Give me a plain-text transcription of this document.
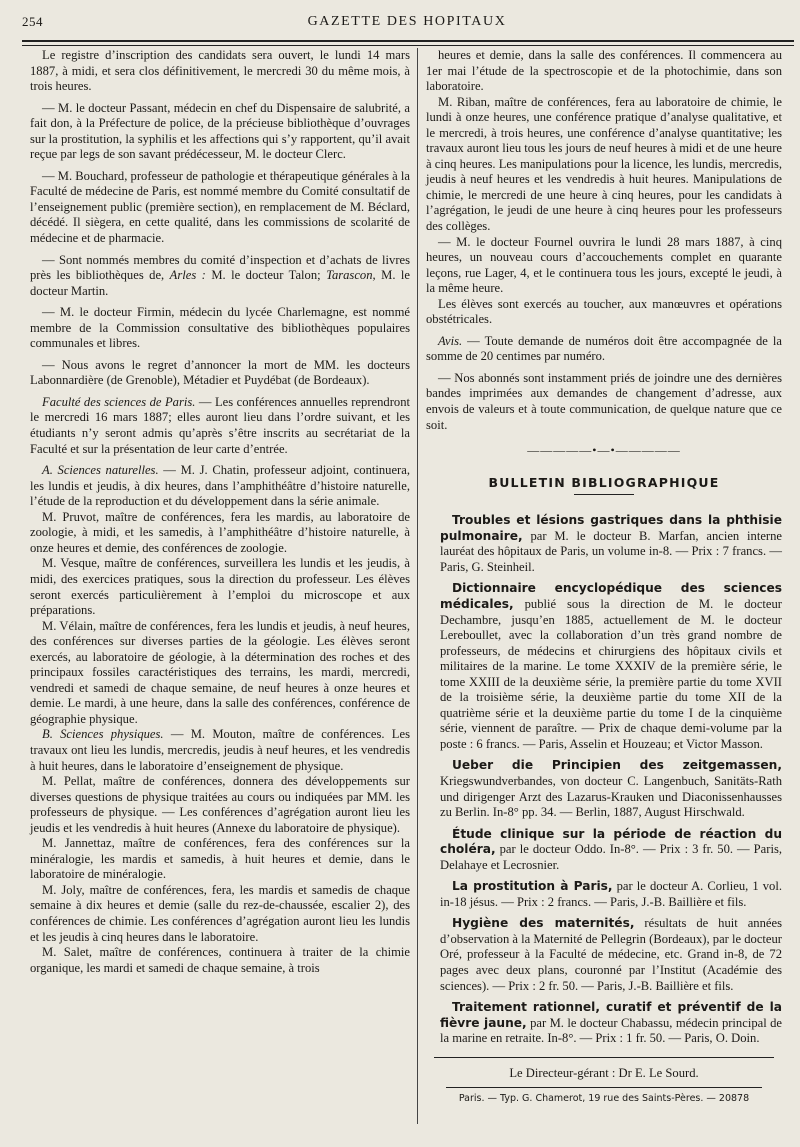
254	GAZETTE DES HOPITAUX

Le registre d’inscription des candidats sera ouvert, le lundi 14 mars 1887, à midi, et sera clos définitivement, le mercredi 30 du même mois, à trois heures.

— M. le docteur Passant, médecin en chef du Dispensaire de salubrité, a fait don, à la Préfecture de police, de la précieuse bibliothèque d’ouvrages sur la prostitution, la syphilis et les affections qui s’y rapportent, qu’il avait reçue par legs de son savant prédécesseur, M. le docteur Clerc.

— M. Bouchard, professeur de pathologie et thérapeutique générales à la Faculté de médecine de Paris, est nommé membre du Comité consultatif de l’enseignement public (première section), en remplacement de M. Béclard, décédé. Il siègera, en cette qualité, dans les commissions de scolarité de médecine et de pharmacie.

— Sont nommés membres du comité d’inspection et d’achats de livres près les bibliothèques de, Arles : M. le docteur Talon; Tarascon, M. le docteur Martin.

— M. le docteur Firmin, médecin du lycée Charlemagne, est nommé membre de la Commission consultative des bibliothèques populaires communales et libres.

— Nous avons le regret d’annoncer la mort de MM. les docteurs Labonnardière (de Grenoble), Métadier et Puydébat (de Bordeaux).

Faculté des sciences de Paris. — Les conférences annuelles reprendront le mercredi 16 mars 1887; elles auront lieu dans l’ordre suivant, et les étudiants n’y seront admis qu’après s’être inscrits au secrétariat de la Faculté et sur la présentation de leur carte d’entrée.

A. Sciences naturelles. — M. J. Chatin, professeur adjoint, continuera, les lundis et jeudis, à dix heures, dans l’amphithéâtre d’histoire naturelle, l’étude de la reproduction et du développement dans la série animale.

M. Pruvot, maître de conférences, fera les mardis, au laboratoire de zoologie, à midi, et les samedis, à l’amphithéâtre d’histoire naturelle, à onze heures et demie, des conférences de zoologie.

M. Vesque, maître de conférences, surveillera les lundis et les jeudis, à midi, des exercices pratiques, sous la direction du professeur. Les élèves seront exercés particulièrement à l’emploi du microscope et aux préparations.

M. Vélain, maître de conférences, fera les lundis et jeudis, à neuf heures, des conférences sur diverses parties de la géologie. Les élèves seront exercés, au laboratoire de géologie, à la détermination des roches et des principaux fossiles caractéristiques des terrains, les mardi, mercredi, vendredi et samedi de chaque semaine, de neuf heures à onze heures et demie. Le mardi, à une heure, dans la salle des conférences, conférence de géographie physique.

B. Sciences physiques. — M. Mouton, maître de conférences. Les travaux ont lieu les lundis, mercredis, jeudis à neuf heures, et les vendredis à huit heures, dans le laboratoire d’enseignement de physique.

M. Pellat, maître de conférences, donnera des développements sur diverses questions de physique traitées au cours ou indiquées par MM. les professeurs de physique. — Les conférences d’agrégation auront lieu les jeudis et les vendredis à huit heures (Annexe du laboratoire de physique).

M. Jannettaz, maître de conférences, fera des conférences sur la minéralogie, les mardis et samedis, à huit heures et demie, dans le laboratoire de minéralogie.

M. Joly, maître de conférences, fera, les mardis et samedis de chaque semaine à dix heures et demie (salle du rez-de-chaussée, escalier 2), des conférences de chimie. Les conférences d’agrégation auront lieu les lundis et les jeudis à cinq heures dans le laboratoire.

M. Salet, maître de conférences, continuera à traiter de la chimie organique, les mardi et samedi de chaque semaine, à trois

heures et demie, dans la salle des conférences. Il commencera au 1er mai l’étude de la spectroscopie et de la photochimie, dans son laboratoire.

M. Riban, maître de conférences, fera au laboratoire de chimie, le lundi à onze heures, une conférence pratique d’analyse qualitative, et le mercredi, à trois heures, une conférence d’analyse quantitative; les travaux auront lieu tous les jours de neuf heures à midi et de une heure à cinq heures. Les manipulations pour la licence, les lundis, mercredis, jeudis à neuf heures et les vendredis à huit heures. Manipulations de chimie, le mercredi de une heure à cinq heures, pour les candidats à l’agrégation, le jeudi de une heure à cinq heures pour les professeurs des collèges.

— M. le docteur Fournel ouvrira le lundi 28 mars 1887, à cinq heures, un nouveau cours d’accouchements complet en quarante leçons, rue Lager, 4, et le continuera tous les jours, excepté le jeudi, à la même heure.

Les élèves sont exercés au toucher, aux manœuvres et opérations obstétricales.

Avis. — Toute demande de numéros doit être accompagnée de la somme de 20 centimes par numéro.

— Nos abonnés sont instamment priés de joindre une des dernières bandes imprimées aux demandes de changement d’adresse, aux envois de valeurs et à toute communication, de quelque nature que ce soit.

—————•—•—————
BULLETIN BIBLIOGRAPHIQUE

Troubles et lésions gastriques dans la phthisie pulmonaire, par M. le docteur B. Marfan, ancien interne lauréat des hôpitaux de Paris, un volume in-8. — Prix : 7 francs. — Paris, G. Steinheil.

Dictionnaire encyclopédique des sciences médicales, publié sous la direction de M. le docteur Dechambre, jusqu’en 1885, actuellement de M. le docteur Lereboullet, avec la collaboration d’un très grand nombre de professeurs, de médecins et chirurgiens des hôpitaux civils et militaires de la marine. Le tome XXXIV de la première série, le tome XXIII de la deuxième série, la première partie du tome XVII de la troisième série, la deuxième partie du tome XII de la quatrième série et la deuxième partie du tome I de la cinquième série, viennent de paraître. — Prix de chaque demi-volume par la poste : 6 francs. — Paris, Asselin et Houzeau; et Victor Masson.

Ueber die Principien des zeitgemassen, Kriegswundverbandes, von docteur C. Langenbuch, Sanitäts-Rath und dirigenger Arzt des Lazarus-Krauken und Diaconissenhausses zu Berlin. In-8° pp. 34. — Berlin, 1887, August Hirschwald.

Étude clinique sur la période de réaction du choléra, par le docteur Oddo. In-8°. — Prix : 3 fr. 50. — Paris, Delahaye et Lecrosnier.

La prostitution à Paris, par le docteur A. Corlieu, 1 vol. in-18 jésus. — Prix : 2 francs. — Paris, J.-B. Baillière et fils.

Hygiène des maternités, résultats de huit années d’observation à la Maternité de Pellegrin (Bordeaux), par le docteur Oré, professeur à la Faculté de médecine, etc. Grand in-8, de 72 pages avec deux plans, couronné par l’Institut (Académie des sciences). — Prix : 2 fr. 50. — Paris, J.-B. Baillière et fils.

Traitement rationnel, curatif et préventif de la fièvre jaune, par M. le docteur Chabassu, médecin principal de la marine en retraite. In-8°. — Prix : 1 fr. 50. — Paris, O. Doin.

Le Directeur-gérant : Dr E. Le Sourd.
Paris. — Typ. G. Chamerot, 19 rue des Saints-Pères. — 20878
